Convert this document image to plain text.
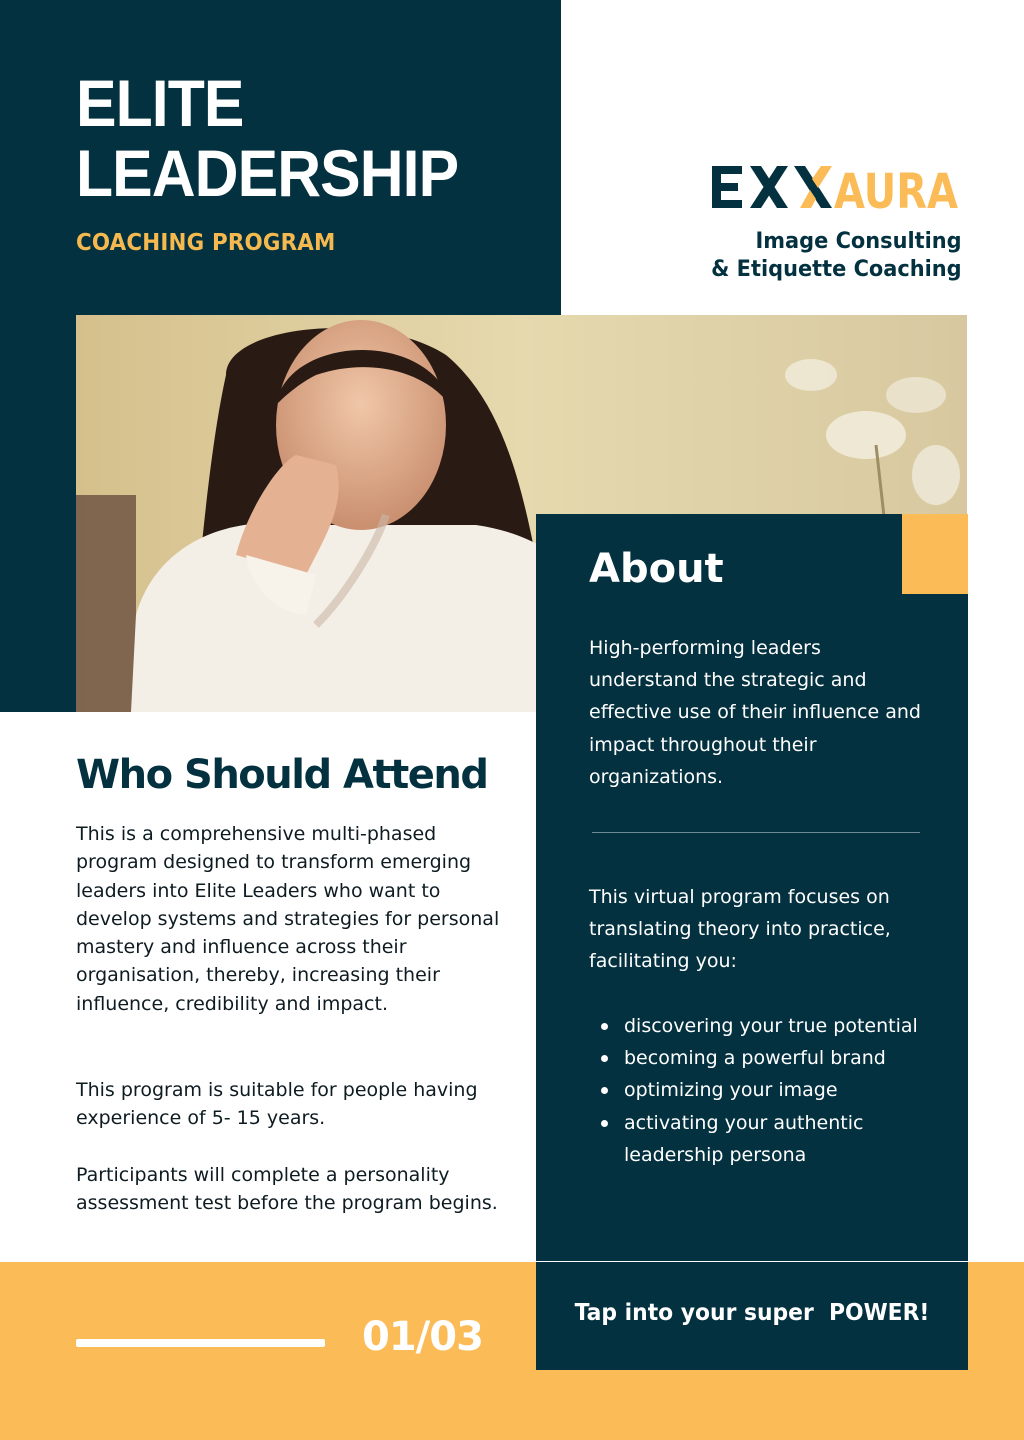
ELITE
LEADERSHIP
COACHING PROGRAM
AURA
Image Consulting
& Etiquette Coaching
Who Should Attend

This is a comprehensive multi-phased program designed to transform emerging leaders into Elite Leaders who want to develop systems and strategies for personal mastery and influence across their organisation, thereby, increasing their influence, credibility and impact.

This program is suitable for people having experience of 5- 15 years.

Participants will complete a personality assessment test before the program begins.

About

High-performing leaders understand the strategic and effective use of their influence and impact throughout their organizations.

This virtual program focuses on translating theory into practice, facilitating you:

discovering your true potential
becoming a powerful brand
optimizing your image
activating your authentic leadership persona
01/03
Tap into your super  POWER!
